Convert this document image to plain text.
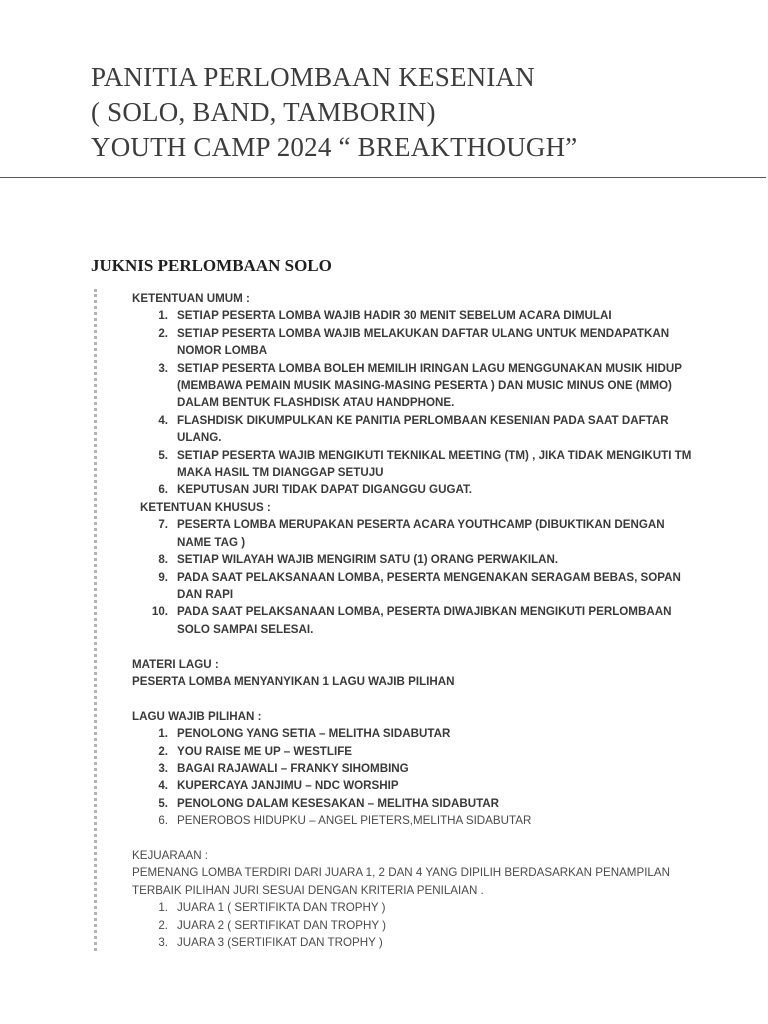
PANITIA PERLOMBAAN KESENIAN
( SOLO, BAND, TAMBORIN)
YOUTH CAMP 2024 “ BREAKTHOUGH”
JUKNIS PERLOMBAAN SOLO
KETENTUAN UMUM :
1. SETIAP PESERTA LOMBA WAJIB HADIR 30 MENIT SEBELUM ACARA DIMULAI
2. SETIAP PESERTA LOMBA WAJIB MELAKUKAN DAFTAR ULANG UNTUK MENDAPATKAN NOMOR LOMBA
3. SETIAP PESERTA LOMBA BOLEH MEMILIH IRINGAN LAGU MENGGUNAKAN MUSIK HIDUP (MEMBAWA PEMAIN MUSIK MASING-MASING PESERTA ) DAN MUSIC MINUS ONE (MMO) DALAM BENTUK FLASHDISK ATAU HANDPHONE.
4. FLASHDISK DIKUMPULKAN KE PANITIA PERLOMBAAN KESENIAN PADA SAAT DAFTAR ULANG.
5. SETIAP PESERTA WAJIB MENGIKUTI TEKNIKAL MEETING (TM) , JIKA TIDAK MENGIKUTI TM MAKA HASIL TM DIANGGAP SETUJU
6. KEPUTUSAN JURI TIDAK DAPAT DIGANGGU GUGAT.
KETENTUAN KHUSUS :
7. PESERTA LOMBA MERUPAKAN PESERTA ACARA YOUTHCAMP (DIBUKTIKAN DENGAN NAME TAG )
8. SETIAP WILAYAH WAJIB MENGIRIM SATU (1) ORANG PERWAKILAN.
9. PADA SAAT PELAKSANAAN LOMBA, PESERTA MENGENAKAN SERAGAM BEBAS, SOPAN DAN RAPI
10. PADA SAAT PELAKSANAAN LOMBA, PESERTA DIWAJIBKAN MENGIKUTI PERLOMBAAN SOLO SAMPAI SELESAI.
MATERI LAGU :
PESERTA LOMBA MENYANYIKAN 1 LAGU WAJIB PILIHAN
LAGU WAJIB PILIHAN :
1. PENOLONG YANG SETIA – MELITHA SIDABUTAR
2. YOU RAISE ME UP – WESTLIFE
3. BAGAI RAJAWALI – FRANKY SIHOMBING
4. KUPERCAYA JANJIMU – NDC WORSHIP
5. PENOLONG DALAM KESESAKAN – MELITHA SIDABUTAR
6. PENEROBOS HIDUPKU – ANGEL PIETERS,MELITHA SIDABUTAR
KEJUARAAN :
PEMENANG LOMBA TERDIRI DARI JUARA 1, 2 DAN 4 YANG DIPILIH BERDASARKAN PENAMPILAN
TERBAIK PILIHAN JURI SESUAI DENGAN KRITERIA PENILAIAN .
1. JUARA 1 ( SERTIFIKTA DAN TROPHY )
2. JUARA 2 ( SERTIFIKAT DAN TROPHY )
3. JUARA 3 (SERTIFIKAT DAN TROPHY )
